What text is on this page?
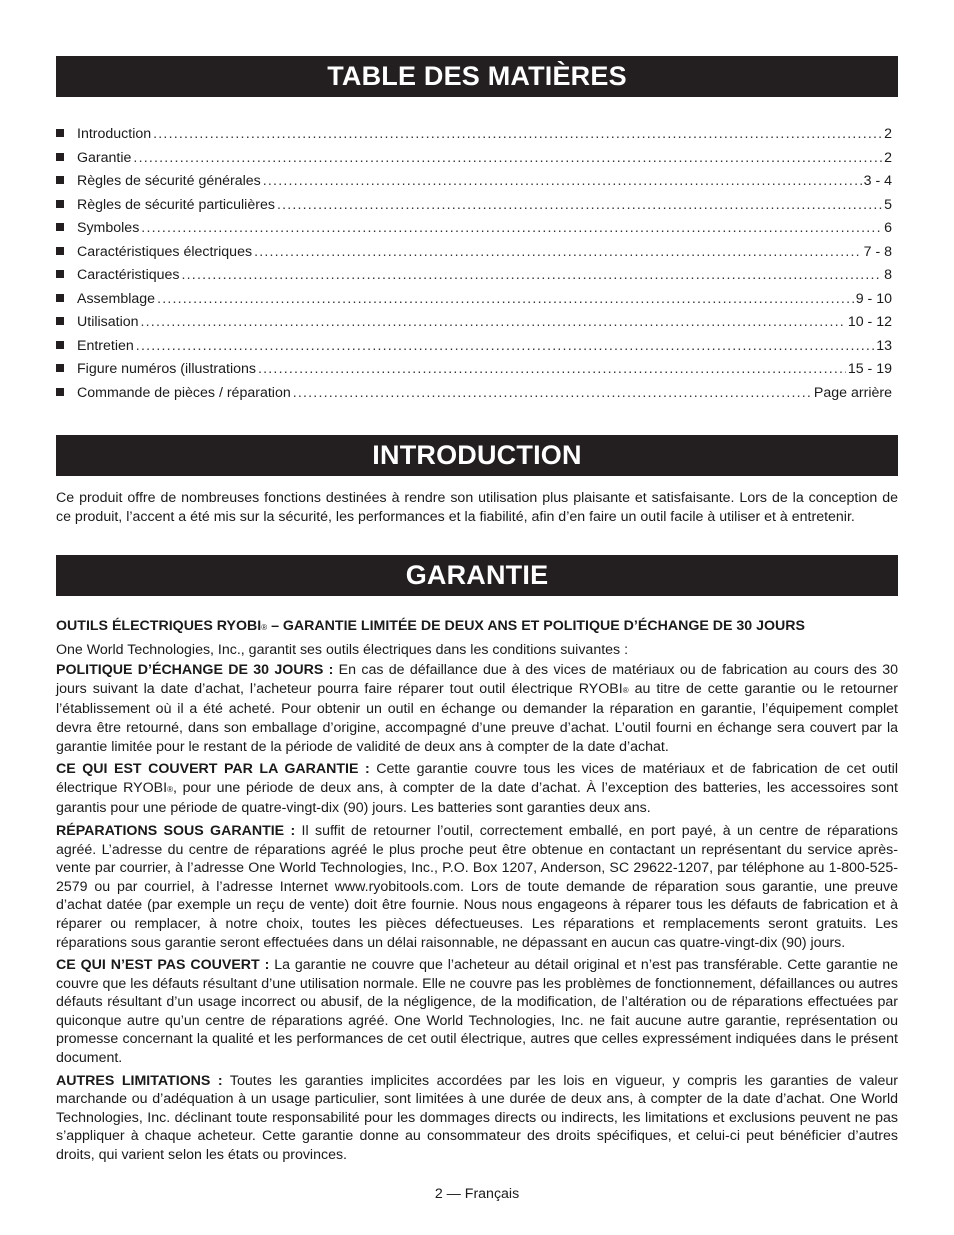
TABLE DES MATIÈRES
Introduction .....	2
Garantie .....	2
Règles de sécurité générales .....	3 - 4
Règles de sécurité particulières .....	5
Symboles .....	6
Caractéristiques électriques .....	7 - 8
Caractéristiques .....	8
Assemblage .....	9 - 10
Utilisation .....	10 - 12
Entretien .....	13
Figure numéros (illustrations .....	15 - 19
Commande de pièces / réparation .....	Page arrière
INTRODUCTION

Ce produit offre de nombreuses fonctions destinées à rendre son utilisation plus plaisante et satisfaisante. Lors de la conception de ce produit, l’accent a été mis sur la sécurité, les performances et la fiabilité, afin d’en faire un outil facile à utiliser et à entretenir.

GARANTIE

OUTILS ÉLECTRIQUES RYOBI® – GARANTIE LIMITÉE DE DEUX ANS ET POLITIQUE D’ÉCHANGE DE 30 JOURS

One World Technologies, Inc., garantit ses outils électriques dans les conditions suivantes :

POLITIQUE D’ÉCHANGE DE 30 JOURS : En cas de défaillance due à des vices de matériaux ou de fabrication au cours des 30 jours suivant la date d’achat, l’acheteur pourra faire réparer tout outil électrique RYOBI® au titre de cette garantie ou le retourner l’établissement où il a été acheté. Pour obtenir un outil en échange ou demander la réparation en garantie, l’équipement complet devra être retourné, dans son emballage d’origine, accompagné d’une preuve d’achat. L’outil fourni en échange sera couvert par la garantie limitée pour le restant de la période de validité de deux ans à compter de la date d’achat.

CE QUI EST COUVERT PAR LA GARANTIE : Cette garantie couvre tous les vices de matériaux et de fabrication de cet outil électrique RYOBI®, pour une période de deux ans, à compter de la date d’achat. À l’exception des batteries, les accessoires sont garantis pour une période de quatre-vingt-dix (90) jours. Les batteries sont garanties deux ans.

RÉPARATIONS SOUS GARANTIE : Il suffit de retourner l’outil, correctement emballé, en port payé, à un centre de réparations agréé. L’adresse du centre de réparations agréé le plus proche peut être obtenue en contactant un représentant du service après-vente par courrier, à l’adresse One World Technologies, Inc., P.O. Box 1207, Anderson, SC 29622-1207, par téléphone au 1-800-525-2579 ou par courriel, à l’adresse Internet www.ryobitools.com. Lors de toute demande de réparation sous garantie, une preuve d’achat datée (par exemple un reçu de vente) doit être fournie. Nous nous engageons à réparer tous les défauts de fabrication et à réparer ou remplacer, à notre choix, toutes les pièces défectueuses. Les réparations et remplacements seront gratuits. Les réparations sous garantie seront effectuées dans un délai raisonnable, ne dépassant en aucun cas quatre-vingt-dix (90) jours.

CE QUI N’EST PAS COUVERT : La garantie ne couvre que l’acheteur au détail original et n’est pas transférable. Cette garantie ne couvre que les défauts résultant d’une utilisation normale. Elle ne couvre pas les problèmes de fonctionnement, défaillances ou autres défauts résultant d’un usage incorrect ou abusif, de la négligence, de la modification, de l’altération ou de réparations effectuées par quiconque autre qu’un centre de réparations agréé. One World Technologies, Inc. ne fait aucune autre garantie, représentation ou promesse concernant la qualité et les performances de cet outil électrique, autres que celles expressément indiquées dans le présent document.

AUTRES LIMITATIONS : Toutes les garanties implicites accordées par les lois en vigueur, y compris les garanties de valeur marchande ou d’adéquation à un usage particulier, sont limitées à une durée de deux ans, à compter de la date d’achat. One World Technologies, Inc. déclinant toute responsabilité pour les dommages directs ou indirects, les limitations et exclusions peuvent ne pas s’appliquer à chaque acheteur. Cette garantie donne au consommateur des droits spécifiques, et celui-ci peut bénéficier d’autres droits, qui varient selon les états ou provinces.

2 — Français
